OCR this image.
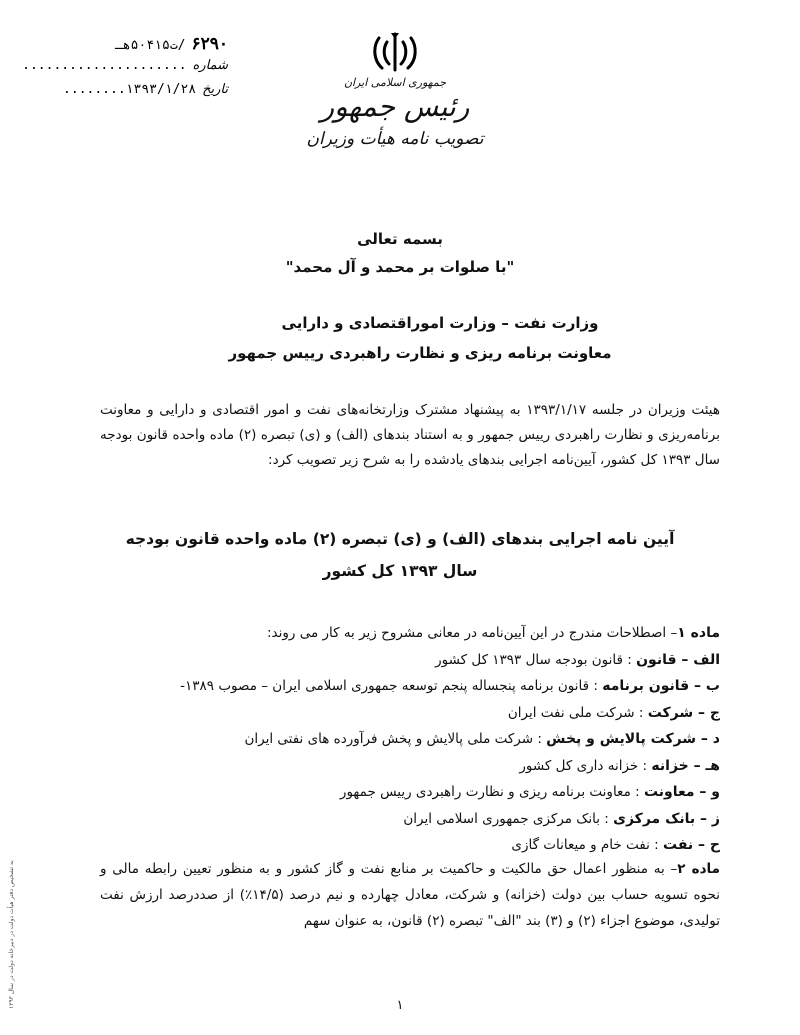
۶۲۹۰
/ت۵۰۴۱۵هـ
شماره
.....................
تاریخ
۱۳۹۳/۱/۲۸........	جمهوری اسلامی ایران
رئیس جمهور
تصویب نامه هیأت وزیران
بسمه تعالی
"با صلوات بر محمد و آل محمد"
وزارت نفت – وزارت اموراقتصادی و دارایی
معاونت برنامه ریزی و نظارت راهبردی رییس جمهور
هیئت وزیران در جلسه ۱۳۹۳/۱/۱۷ به پیشنهاد مشترک وزارتخانه‌های نفت و امور اقتصادی و دارایی و معاونت برنامه‌ریزی و نظارت راهبردی رییس جمهور و به استناد بندهای (الف) و (ی) تبصره (۲) ماده واحده قانون بودجه سال ۱۳۹۳ کل کشور، آیین‌نامه اجرایی بندهای یادشده را به شرح زیر تصویب کرد:
آیین نامه اجرایی بندهای (الف) و (ی) تبصره (۲) ماده واحده قانون بودجه
سال ۱۳۹۳ کل کشور
ماده ۱– اصطلاحات مندرج در این آیین‌نامه در معانی مشروح زیر به کار می روند:
الف – قانون : قانون بودجه سال ۱۳۹۳ کل کشور
ب – قانون برنامه : قانون برنامه پنجساله پنجم توسعه جمهوری اسلامی ایران – مصوب ۱۳۸۹-
ج – شرکت : شرکت ملی نفت ایران
د – شرکت پالایش و پخش : شرکت ملی پالایش و پخش فرآورده های نفتی ایران
هـ – خزانه : خزانه داری کل کشور
و – معاونت : معاونت برنامه ریزی و نظارت راهبردی رییس جمهور
ز – بانک مرکزی : بانک مرکزی جمهوری اسلامی ایران
ح – نفت : نفت خام و میعانات گازی
ماده ۲– به منظور اعمال حق مالکیت و حاکمیت بر منابع نفت و گاز کشور و به منظور تعیین رابطه مالی و نحوه تسویه حساب بین دولت (خزانه) و شرکت، معادل چهارده و نیم درصد (۱۴/۵٪) از صددرصد ارزش نفت تولیدی، موضوع اجزاء (۲) و (۳) بند "الف" تبصره (۲) قانون، به عنوان سهم
به تشخیص دفتر هیأت دولت در دبیرخانه دولت در سال ۱۳۹۳
۱
